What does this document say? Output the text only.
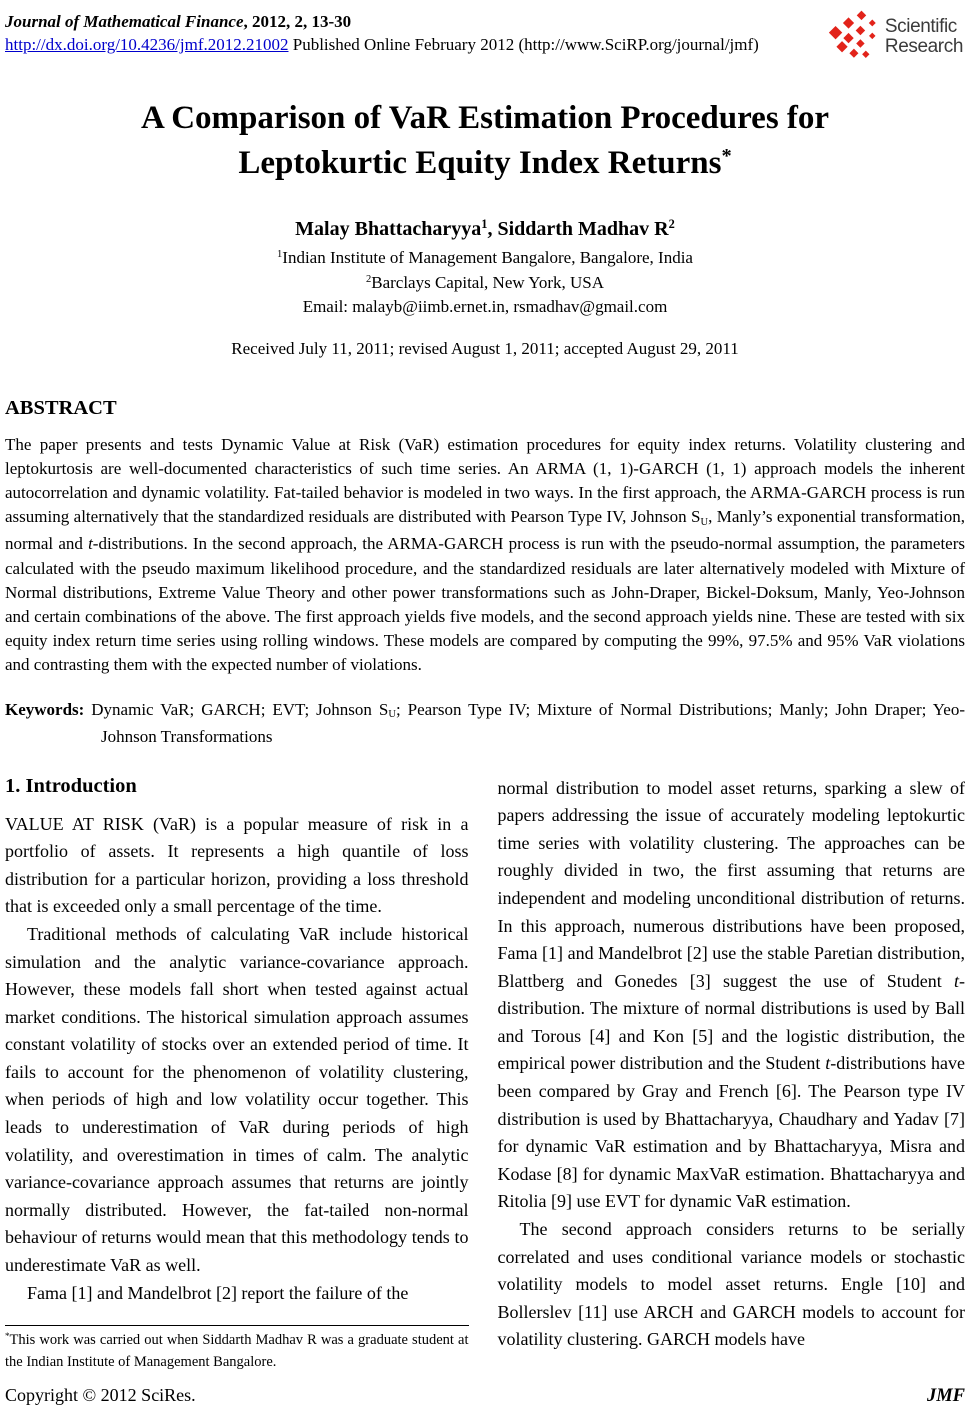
Journal of Mathematical Finance, 2012, 2, 13-30
http://dx.doi.org/10.4236/jmf.2012.21002 Published Online February 2012 (http://www.SciRP.org/journal/jmf)
Scientific
Research
A Comparison of VaR Estimation Procedures for
Leptokurtic Equity Index Returns*
Malay Bhattacharyya$^1$, Siddarth Madhav $R^2$
$^1$Indian Institute of Management Bangalore, Bangalore, India
$^2$Barclays Capital, New York, USA
Email: malayb@iimb.ernet.in, rsmadhav@gmail.com
Received July 11, 2011; revised August 1, 2011; accepted August 29, 2011
ABSTRACT
The paper presents and tests Dynamic Value at Risk (VaR) estimation procedures for equity index returns. Volatility clustering and leptokurtosis are well-documented characteristics of such time series. An ARMA (1, 1)-GARCH (1, 1) approach models the inherent autocorrelation and dynamic volatility. Fat-tailed behavior is modeled in two ways. In the first approach, the ARMA-GARCH process is run assuming alternatively that the standardized residuals are distributed with Pearson Type IV, Johnson SU, Manly’s exponential transformation, normal and t-distributions. In the second approach, the ARMA-GARCH process is run with the pseudo-normal assumption, the parameters calculated with the pseudo maximum likelihood procedure, and the standardized residuals are later alternatively modeled with Mixture of Normal distributions, Extreme Value Theory and other power transformations such as John-Draper, Bickel-Doksum, Manly, Yeo-Johnson and certain combinations of the above. The first approach yields five models, and the second approach yields nine. These are tested with six equity index return time series using rolling windows. These models are compared by computing the 99%, 97.5% and 95% VaR violations and contrasting them with the expected number of violations.
Keywords: Dynamic VaR; GARCH; EVT; Johnson SU; Pearson Type IV; Mixture of Normal Distributions; Manly; John Draper; Yeo-Johnson Transformations
1. Introduction

VALUE AT RISK (VaR) is a popular measure of risk in a portfolio of assets. It represents a high quantile of loss distribution for a particular horizon, providing a loss threshold that is exceeded only a small percentage of the time.

Traditional methods of calculating VaR include historical simulation and the analytic variance-covariance approach. However, these models fall short when tested against actual market conditions. The historical simulation approach assumes constant volatility of stocks over an extended period of time. It fails to account for the phenomenon of volatility clustering, when periods of high and low volatility occur together. This leads to underestimation of VaR during periods of high volatility, and overestimation in times of calm. The analytic variance-covariance approach assumes that returns are jointly normally distributed. However, the fat-tailed non-normal behaviour of returns would mean that this methodology tends to underestimate VaR as well.

Fama [1] and Mandelbrot [2] report the failure of the

*This work was carried out when Siddarth Madhav R was a graduate student at the Indian Institute of Management Bangalore.

normal distribution to model asset returns, sparking a slew of papers addressing the issue of accurately modeling leptokurtic time series with volatility clustering. The approaches can be roughly divided in two, the first assuming that returns are independent and modeling unconditional distribution of returns. In this approach, numerous distributions have been proposed, Fama [1] and Mandelbrot [2] use the stable Paretian distribution, Blattberg and Gonedes [3] suggest the use of Student t-distribution. The mixture of normal distributions is used by Ball and Torous [4] and Kon [5] and the logistic distribution, the empirical power distribution and the Student t-distributions have been compared by Gray and French [6]. The Pearson type IV distribution is used by Bhattacharyya, Chaudhary and Yadav [7] for dynamic VaR estimation and by Bhattacharyya, Misra and Kodase [8] for dynamic MaxVaR estimation. Bhattacharyya and Ritolia [9] use EVT for dynamic VaR estimation.

The second approach considers returns to be serially correlated and uses conditional variance models or stochastic volatility models to model asset returns. Engle [10] and Bollerslev [11] use ARCH and GARCH models to account for volatility clustering. GARCH models have

Copyright © 2012 SciRes.	JMF
